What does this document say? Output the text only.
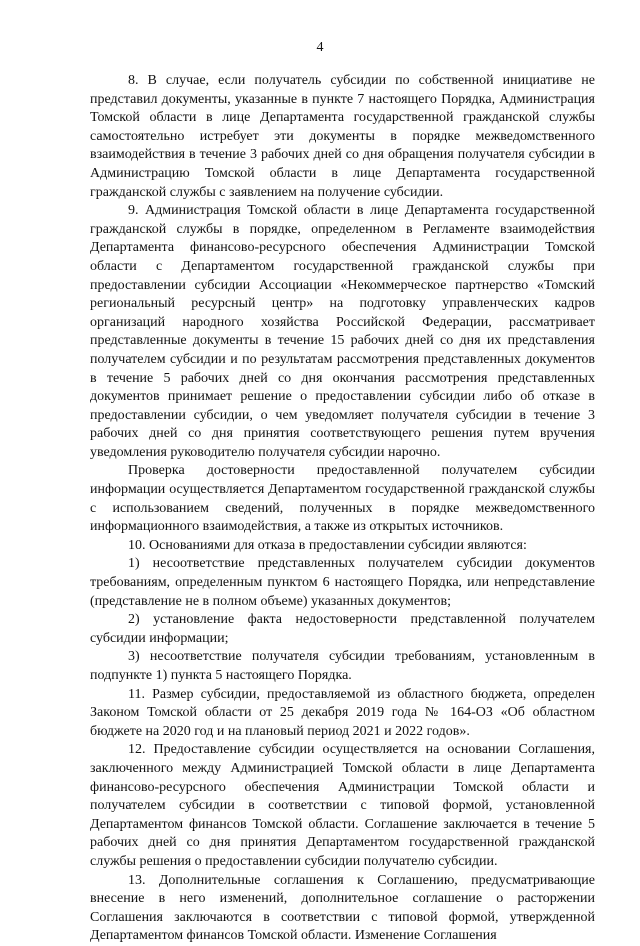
4

8. В случае, если получатель субсидии по собственной инициативе не представил документы, указанные в пункте 7 настоящего Порядка, Администрация Томской области в лице Департамента государственной гражданской службы самостоятельно истребует эти документы в порядке межведомственного взаимодействия в течение 3 рабочих дней со дня обращения получателя субсидии в Администрацию Томской области в лице Департамента государственной гражданской службы с заявлением на получение субсидии.

9. Администрация Томской области в лице Департамента государственной гражданской службы в порядке, определенном в Регламенте взаимодействия Департамента финансово-ресурсного обеспечения Администрации Томской области с Департаментом государственной гражданской службы при предоставлении субсидии Ассоциации «Некоммерческое партнерство «Томский региональный ресурсный центр» на подготовку управленческих кадров организаций народного хозяйства Российской Федерации, рассматривает представленные документы в течение 15 рабочих дней со дня их представления получателем субсидии и по результатам рассмотрения представленных документов в течение 5 рабочих дней со дня окончания рассмотрения представленных документов принимает решение о предоставлении субсидии либо об отказе в предоставлении субсидии, о чем уведомляет получателя субсидии в течение 3 рабочих дней со дня принятия соответствующего решения путем вручения уведомления руководителю получателя субсидии нарочно.

Проверка достоверности предоставленной получателем субсидии информации осуществляется Департаментом государственной гражданской службы с использованием сведений, полученных в порядке межведомственного информационного взаимодействия, а также из открытых источников.

10. Основаниями для отказа в предоставлении субсидии являются:

1) несоответствие представленных получателем субсидии документов требованиям, определенным пунктом 6 настоящего Порядка, или непредставление (представление не в полном объеме) указанных документов;

2) установление факта недостоверности представленной получателем субсидии информации;

3) несоответствие получателя субсидии требованиям, установленным в подпункте 1) пункта 5 настоящего Порядка.

11. Размер субсидии, предоставляемой из областного бюджета, определен Законом Томской области от 25 декабря 2019 года № 164-ОЗ «Об областном бюджете на 2020 год и на плановый период 2021 и 2022 годов».

12. Предоставление субсидии осуществляется на основании Соглашения, заключенного между Администрацией Томской области в лице Департамента финансово-ресурсного обеспечения Администрации Томской области и получателем субсидии в соответствии с типовой формой, установленной Департаментом финансов Томской области. Соглашение заключается в течение 5 рабочих дней со дня принятия Департаментом государственной гражданской службы решения о предоставлении субсидии получателю субсидии.

13. Дополнительные соглашения к Соглашению, предусматривающие внесение в него изменений, дополнительное соглашение о расторжении Соглашения заключаются в соответствии с типовой формой, утвержденной Департаментом финансов Томской области. Изменение Соглашения
